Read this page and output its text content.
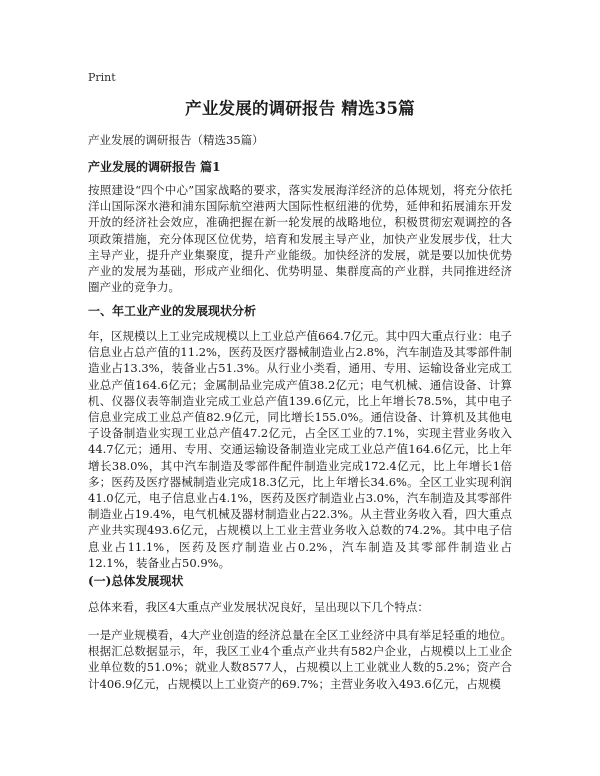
Print
产业发展的调研报告 精选35篇
产业发展的调研报告（精选35篇）
产业发展的调研报告 篇1

按照建设“四个中心”国家战略的要求，落实发展海洋经济的总体规划，将充分依托洋山国际深水港和浦东国际航空港两大国际性枢纽港的优势，延伸和拓展浦东开发开放的经济社会效应，准确把握在新一轮发展的战略地位，积极贯彻宏观调控的各项政策措施，充分体现区位优势，培育和发展主导产业，加快产业发展步伐，壮大主导产业，提升产业集聚度，提升产业能级。加快经济的发展，就是要以加快优势产业的发展为基础，形成产业细化、优势明显、集群度高的产业群，共同推进经济圈产业的竞争力。

一、年工业产业的发展现状分析

年，区规模以上工业完成规模以上工业总产值664.7亿元。其中四大重点行业：电子信息业占总产值的11.2%，医药及医疗器械制造业占2.8%，汽车制造及其零部件制造业占13.3%，装备业占51.3%。从行业小类看，通用、专用、运输设备业完成工业总产值164.6亿元；金属制品业完成产值38.2亿元；电气机械、通信设备、计算机、仪器仪表等制造业完成工业总产值139.6亿元，比上年增长78.5%，其中电子信息业完成工业总产值82.9亿元，同比增长155.0%。通信设备、计算机及其他电子设备制造业实现工业总产值47.2亿元，占全区工业的7.1%，实现主营业务收入44.7亿元；通用、专用、交通运输设备制造业完成工业总产值164.6亿元，比上年增长38.0%，其中汽车制造及零部件配件制造业完成172.4亿元，比上年增长1倍多；医药及医疗器械制造业完成18.3亿元，比上年增长34.6%。全区工业实现利润41.0亿元，电子信息业占4.1%，医药及医疗制造业占3.0%，汽车制造及其零部件制造业占19.4%，电气机械及器材制造业占22.3%。从主营业务收入看，四大重点产业共实现493.6亿元，占规模以上工业主营业务收入总数的74.2%。其中电子信息业占11.1%，医药及医疗制造业占0.2%，汽车制造及其零部件制造业占12.1%，装备业占50.9%。

(一)总体发展现状

总体来看，我区4大重点产业发展状况良好，呈出现以下几个特点：

一是产业规模看，4大产业创造的经济总量在全区工业经济中具有举足轻重的地位。根据汇总数据显示，年，我区工业4个重点产业共有582户企业，占规模以上工业企业单位数的51.0%；就业人数8577人，占规模以上工业就业人数的5.2%；资产合计406.9亿元，占规模以上工业资产的69.7%；主营业务收入493.6亿元，占规模
